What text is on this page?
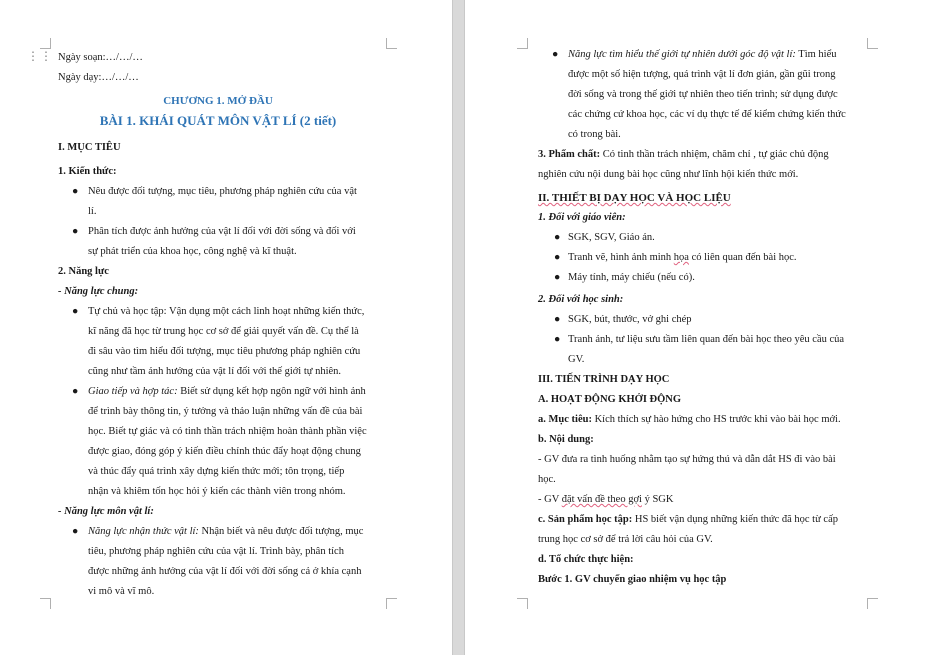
⋮⋮ Ngày soạn:…/…/…
Ngày dạy:…/…/…
CHƯƠNG 1. MỞ ĐẦU
BÀI 1. KHÁI QUÁT MÔN VẬT LÍ (2 tiết)
I. MỤC TIÊU
1. Kiến thức:
● Nêu được đối tượng, mục tiêu, phương pháp nghiên cứu của vật
lí.
● Phân tích được ảnh hưởng của vật lí đối với đời sống và đối với
sự phát triển của khoa học, công nghệ và kĩ thuật.
2. Năng lực
- Năng lực chung:
● Tự chủ và học tập: Vận dụng một cách linh hoạt những kiến thức,
kĩ năng đã học từ trung học cơ sở để giải quyết vấn đề. Cụ thể là
đi sâu vào tìm hiểu đối tượng, mục tiêu phương pháp nghiên cứu
cũng như tầm ảnh hưởng của vật lí đối với thế giới tự nhiên.
● Giao tiếp và hợp tác: Biết sử dụng kết hợp ngôn ngữ với hình ảnh
để trình bày thông tin, ý tưởng và thảo luận những vấn đề của bài
học. Biết tự giác và có tinh thần trách nhiệm hoàn thành phần việc
được giao, đóng góp ý kiến điều chỉnh thúc đẩy hoạt động chung
và thúc đẩy quá trình xây dựng kiến thức mới; tôn trọng, tiếp
nhận và khiêm tốn học hỏi ý kiến các thành viên trong nhóm.
- Năng lực môn vật lí:
● Năng lực nhận thức vật lí: Nhận biết và nêu được đối tượng, mục
tiêu, phương pháp nghiên cứu của vật lí. Trình bày, phân tích
được những ảnh hưởng của vật lí đối với đời sống cả ở khía cạnh
vi mô và vĩ mô.
● Năng lực tìm hiểu thế giới tự nhiên dưới góc độ vật lí: Tìm hiểu
được một số hiện tượng, quá trình vật lí đơn giản, gần gũi trong
đời sống và trong thế giới tự nhiên theo tiến trình; sử dụng được
các chứng cứ khoa học, các ví dụ thực tế để kiểm chứng kiến thức
có trong bài.
3. Phẩm chất: Có tinh thần trách nhiệm, chăm chỉ , tự giác chủ động
nghiên cứu nội dung bài học cũng như lĩnh hội kiến thức mới.
II. THIẾT BỊ DẠY HỌC VÀ HỌC LIỆU
1. Đối với giáo viên:
● SGK, SGV, Giáo án.
● Tranh vẽ, hình ảnh minh họa có liên quan đến bài học.
● Máy tính, máy chiếu (nếu có).
2. Đối với học sinh:
● SGK, bút, thước, vở ghi chép
● Tranh ảnh, tư liệu sưu tầm liên quan đến bài học theo yêu cầu của
GV.
III. TIẾN TRÌNH DẠY HỌC
A. HOẠT ĐỘNG KHỞI ĐỘNG
a. Mục tiêu: Kích thích sự hào hứng cho HS trước khi vào bài học mới.
b. Nội dung:
- GV đưa ra tình huống nhằm tạo sự hứng thú và dẫn dắt HS đi vào bài
học.
- GV đặt vấn đề theo gợi ý SGK
c. Sản phẩm học tập: HS biết vận dụng những kiến thức đã học từ cấp
trung học cơ sở để trả lời câu hỏi của GV.
d. Tổ chức thực hiện:
Bước 1. GV chuyển giao nhiệm vụ học tập
